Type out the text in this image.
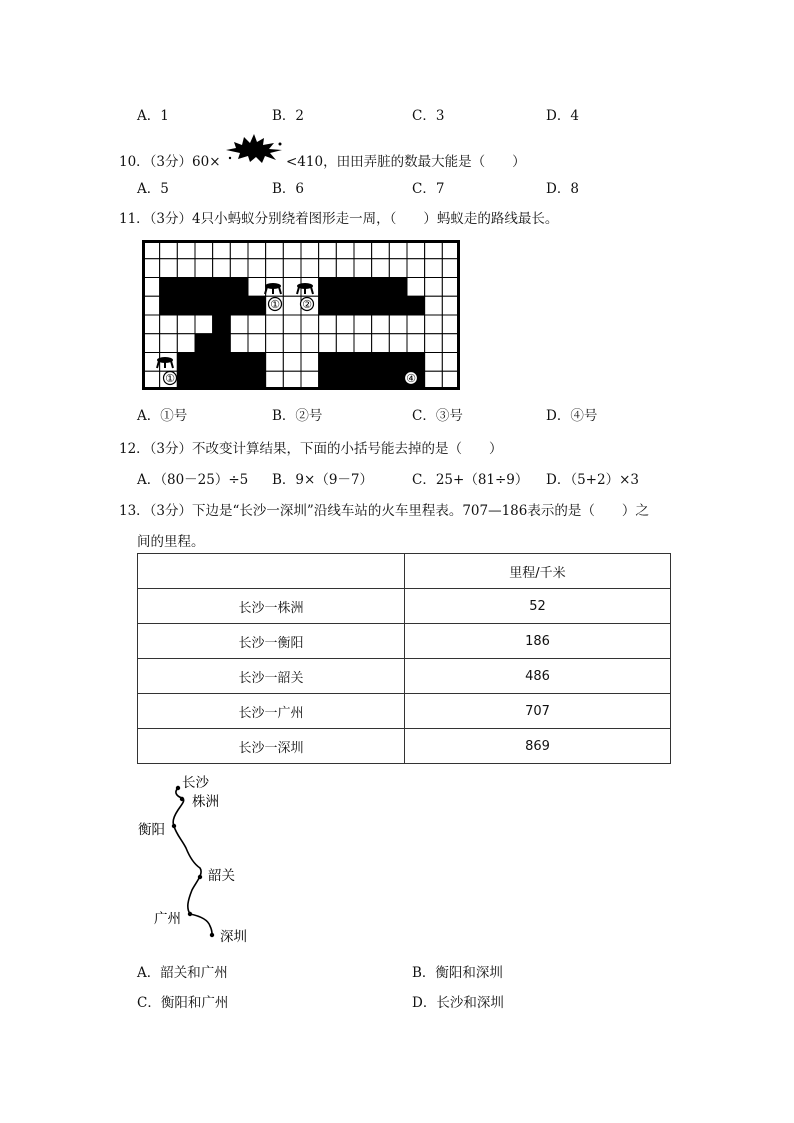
A．1	B．2	C．3	D．4
10．（3分）60×	<410，田田弄脏的数最大能是（　　）
A．5	B．6	C．7	D．8
11．（3分）4只小蚂蚁分别绕着图形走一周，（　　）蚂蚁走的路线最长。
①
① ②
④
A．①号	B．②号	C．③号	D．④号
12．（3分）不改变计算结果，下面的小括号能去掉的是（　　）
A．（80－25）÷5 B．9×（9－7）	C．25+（81÷9） D．（5+2）×3
13．（3分）下边是“长沙一深圳”沿线车站的火车里程表。707—186表示的是（　　）之
间的里程。
	里程/千米
长沙一株洲	52
长沙一衡阳	186
长沙一韶关	486
长沙一广州	707
长沙一深圳	869
长沙
株洲
衡阳
韶关
广州
深圳
A．韶关和广州	B．衡阳和深圳
C．衡阳和广州	D．长沙和深圳
